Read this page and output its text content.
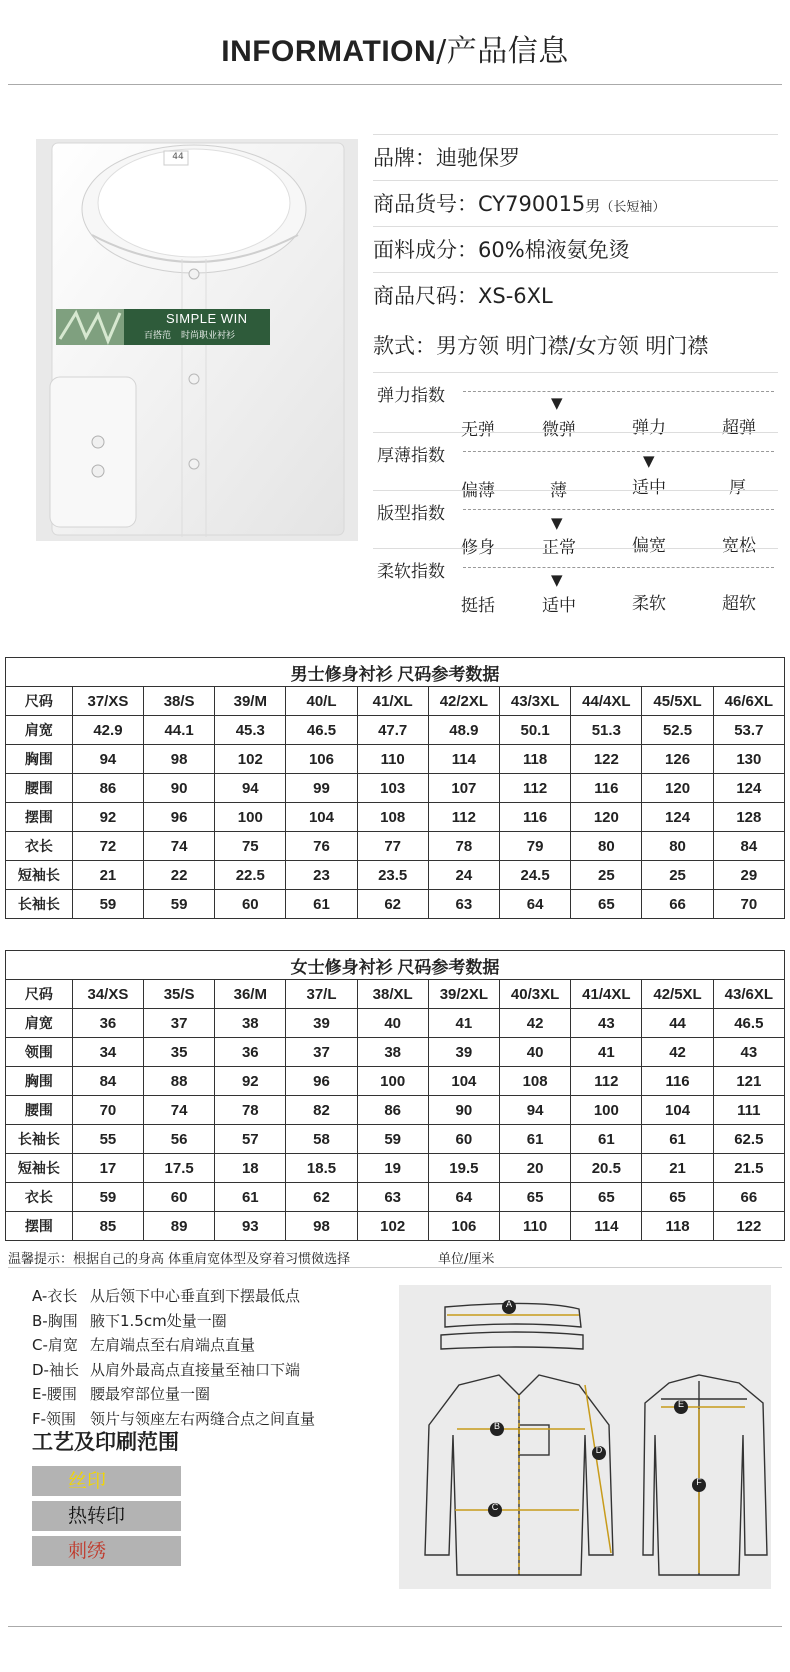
INFORMATION/产品信息
44
SIMPLE WIN
百搭范 时尚职业衬衫
品牌：迪驰保罗
商品货号：CY790015男（长短袖）
面料成分：60%棉液氨免烫
商品尺码：XS-6XL
款式：男方领 明门襟/女方领 明门襟
弹力指数	▼
无弹	微弹	弹力	超弹
厚薄指数	▼
偏薄	薄	适中	厚
版型指数	▼
修身	正常	偏宽	宽松
柔软指数	▼
挺括	适中	柔软	超软
男士修身衬衫 尺码参考数据										
尺码	37/XS	38/S	39/M	40/L	41/XL	42/2XL	43/3XL	44/4XL	45/5XL	46/6XL
肩宽	42.9	44.1	45.3	46.5	47.7	48.9	50.1	51.3	52.5	53.7
胸围	94	98	102	106	110	114	118	122	126	130
腰围	86	90	94	99	103	107	112	116	120	124
摆围	92	96	100	104	108	112	116	120	124	128
衣长	72	74	75	76	77	78	79	80	80	84
短袖长	21	22	22.5	23	23.5	24	24.5	25	25	29
长袖长	59	59	60	61	62	63	64	65	66	70
女士修身衬衫 尺码参考数据										
尺码	34/XS	35/S	36/M	37/L	38/XL	39/2XL	40/3XL	41/4XL	42/5XL	43/6XL
肩宽	36	37	38	39	40	41	42	43	44	46.5
领围	34	35	36	37	38	39	40	41	42	43
胸围	84	88	92	96	100	104	108	112	116	121
腰围	70	74	78	82	86	90	94	100	104	111
长袖长	55	56	57	58	59	60	61	61	61	62.5
短袖长	17	17.5	18	18.5	19	19.5	20	20.5	21	21.5
衣长	59	60	61	62	63	64	65	65	65	66
摆围	85	89	93	98	102	106	110	114	118	122
温馨提示：根据自己的身高 体重肩宽体型及穿着习惯傚选择	单位/厘米
A-衣长 从后领下中心垂直到下摆最低点
B-胸围 腋下1.5cm处量一圈
C-肩宽 左肩端点至右肩端点直量
D-袖长 从肩外最高点直接量至袖口下端
E-腰围 腰最窄部位量一圈
F-领围 领片与领座左右两缝合点之间直量
工艺及印刷范围
丝印
热转印
刺绣
A
B
C
D
E
F
